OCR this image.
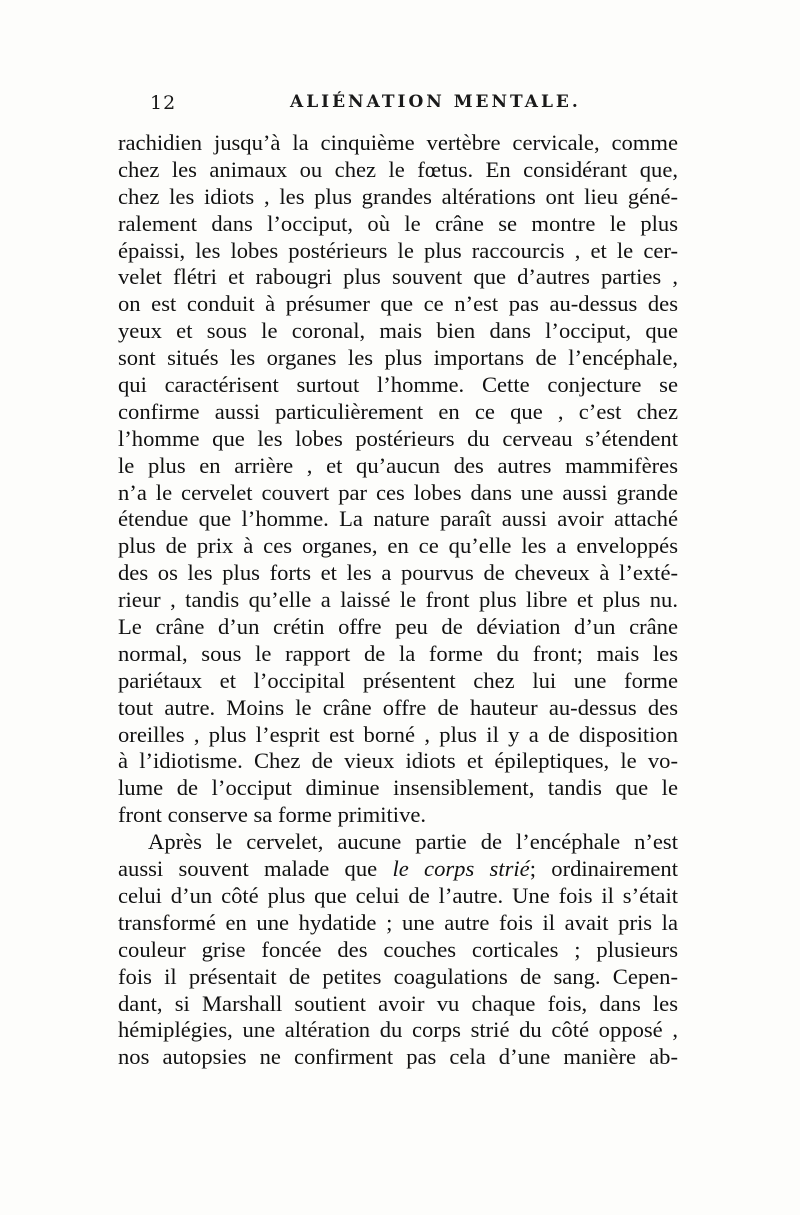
12	ALIÉNATION MENTALE.
rachidien jusqu’à la cinquième vertèbre cervicale, comme
chez les animaux ou chez le fœtus. En considérant que,
chez les idiots , les plus grandes altérations ont lieu géné-
ralement dans l’occiput, où le crâne se montre le plus
épaissi, les lobes postérieurs le plus raccourcis , et le cer-
velet flétri et rabougri plus souvent que d’autres parties ,
on est conduit à présumer que ce n’est pas au-dessus des
yeux et sous le coronal, mais bien dans l’occiput, que
sont situés les organes les plus importans de l’encéphale,
qui caractérisent surtout l’homme. Cette conjecture se
confirme aussi particulièrement en ce que , c’est chez
l’homme que les lobes postérieurs du cerveau s’étendent
le plus en arrière , et qu’aucun des autres mammifères
n’a le cervelet couvert par ces lobes dans une aussi grande
étendue que l’homme. La nature paraît aussi avoir attaché
plus de prix à ces organes, en ce qu’elle les a enveloppés
des os les plus forts et les a pourvus de cheveux à l’exté-
rieur , tandis qu’elle a laissé le front plus libre et plus nu.
Le crâne d’un crétin offre peu de déviation d’un crâne
normal, sous le rapport de la forme du front; mais les
pariétaux et l’occipital présentent chez lui une forme
tout autre. Moins le crâne offre de hauteur au-dessus des
oreilles , plus l’esprit est borné , plus il y a de disposition
à l’idiotisme. Chez de vieux idiots et épileptiques, le vo-
lume de l’occiput diminue insensiblement, tandis que le
front conserve sa forme primitive.
Après le cervelet, aucune partie de l’encéphale n’est
aussi souvent malade que le corps strié; ordinairement
celui d’un côté plus que celui de l’autre. Une fois il s’était
transformé en une hydatide ; une autre fois il avait pris la
couleur grise foncée des couches corticales ; plusieurs
fois il présentait de petites coagulations de sang. Cepen-
dant, si Marshall soutient avoir vu chaque fois, dans les
hémiplégies, une altération du corps strié du côté opposé ,
nos autopsies ne confirment pas cela d’une manière ab-
